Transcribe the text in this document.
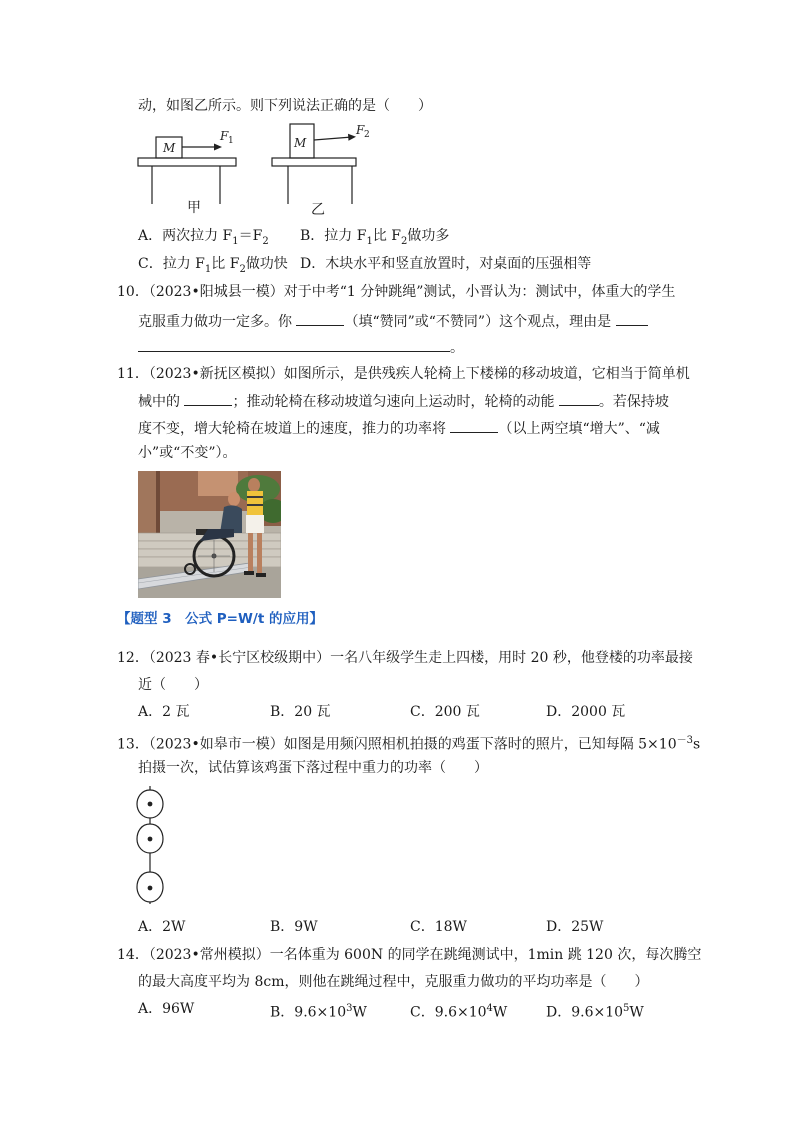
动，如图乙所示。则下列说法正确的是（　　）
M
F 1	M
F 2
甲	乙
A．两次拉力 $F_1=F_2$ B．拉力 $F_1$比 $F_2$做功多
C．拉力 $F_1$比 $F_2$做功快 D．木块水平和竖直放置时，对桌面的压强相等
10．（2023•阳城县一模）对于中考“1 分钟跳绳”测试，小晋认为：测试中，体重大的学生
克服重力做功一定多。你	（填“赞同”或“不赞同”）这个观点，理由是
。
11．（2023•新抚区模拟）如图所示，是供残疾人轮椅上下楼梯的移动坡道，它相当于简单机
械中的	；推动轮椅在移动坡道匀速向上运动时，轮椅的动能	。若保持坡
度不变，增大轮椅在坡道上的速度，推力的功率将	（以上两空填“增大”、“减
小”或“不变”）。
【题型 3　公式 P=W/t 的应用】
12．（2023 春•长宁区校级期中）一名八年级学生走上四楼，用时 20 秒，他登楼的功率最接
近（　　）
A．2 瓦	B．20 瓦	C．200 瓦	D．2000 瓦
13．（2023•如皋市一模）如图是用频闪照相机拍摄的鸡蛋下落时的照片，已知每隔 $5\times 10^{-3}s$
拍摄一次，试估算该鸡蛋下落过程中重力的功率（　　）
A．2W	B．9W	C．18W	D．25W
14．（2023•常州模拟）一名体重为 600N 的同学在跳绳测试中，1min 跳 120 次，每次腾空
的最大高度平均为 8cm，则他在跳绳过程中，克服重力做功的平均功率是（　　）
A．96W	B．$9.6\times 10^3W$	C．$9.6\times 10^4W$	D．$9.6\times 10^5W$
